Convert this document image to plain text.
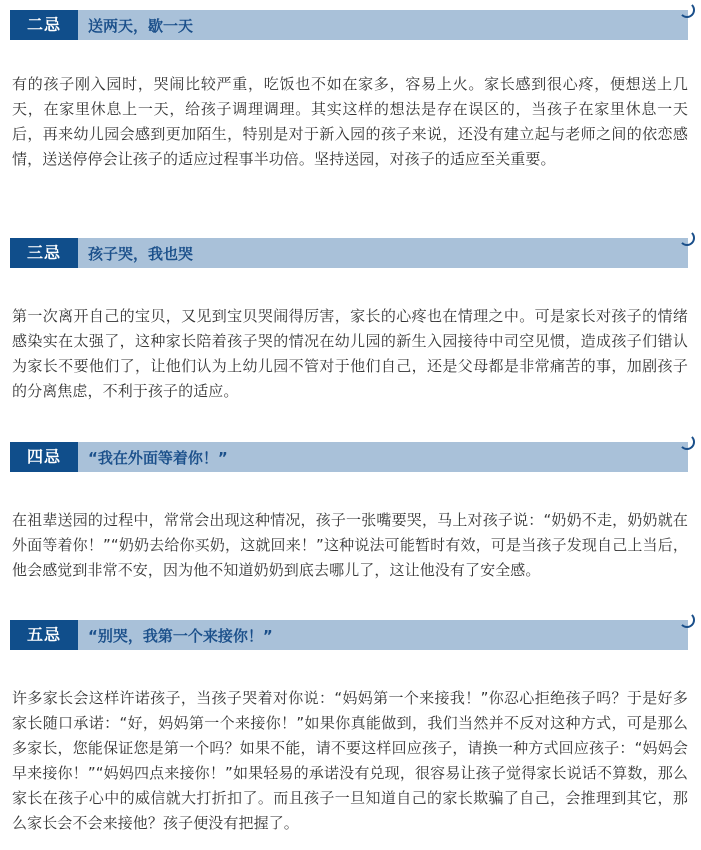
二忌	送两天，歇一天
有的孩子刚入园时，哭闹比较严重，吃饭也不如在家多，容易上火。家长感到很心疼，便想送上几天，在家里休息上一天，给孩子调理调理。其实这样的想法是存在误区的，当孩子在家里休息一天后，再来幼儿园会感到更加陌生，特别是对于新入园的孩子来说，还没有建立起与老师之间的依恋感情，送送停停会让孩子的适应过程事半功倍。坚持送园，对孩子的适应至关重要。
三忌	孩子哭，我也哭
第一次离开自己的宝贝，又见到宝贝哭闹得厉害，家长的心疼也在情理之中。可是家长对孩子的情绪感染实在太强了，这种家长陪着孩子哭的情况在幼儿园的新生入园接待中司空见惯，造成孩子们错认为家长不要他们了，让他们认为上幼儿园不管对于他们自己，还是父母都是非常痛苦的事，加剧孩子的分离焦虑，不利于孩子的适应。
四忌	“我在外面等着你！”
在祖辈送园的过程中，常常会出现这种情况，孩子一张嘴要哭，马上对孩子说：“奶奶不走，奶奶就在外面等着你！”“奶奶去给你买奶，这就回来！”这种说法可能暂时有效，可是当孩子发现自己上当后，他会感觉到非常不安，因为他不知道奶奶到底去哪儿了，这让他没有了安全感。
五忌	“别哭，我第一个来接你！”
许多家长会这样许诺孩子，当孩子哭着对你说：“妈妈第一个来接我！”你忍心拒绝孩子吗？于是好多家长随口承诺：“好，妈妈第一个来接你！”如果你真能做到，我们当然并不反对这种方式，可是那么多家长，您能保证您是第一个吗？如果不能，请不要这样回应孩子，请换一种方式回应孩子：“妈妈会早来接你！”“妈妈四点来接你！”如果轻易的承诺没有兑现，很容易让孩子觉得家长说话不算数，那么家长在孩子心中的威信就大打折扣了。而且孩子一旦知道自己的家长欺骗了自己，会推理到其它，那么家长会不会来接他？孩子便没有把握了。
